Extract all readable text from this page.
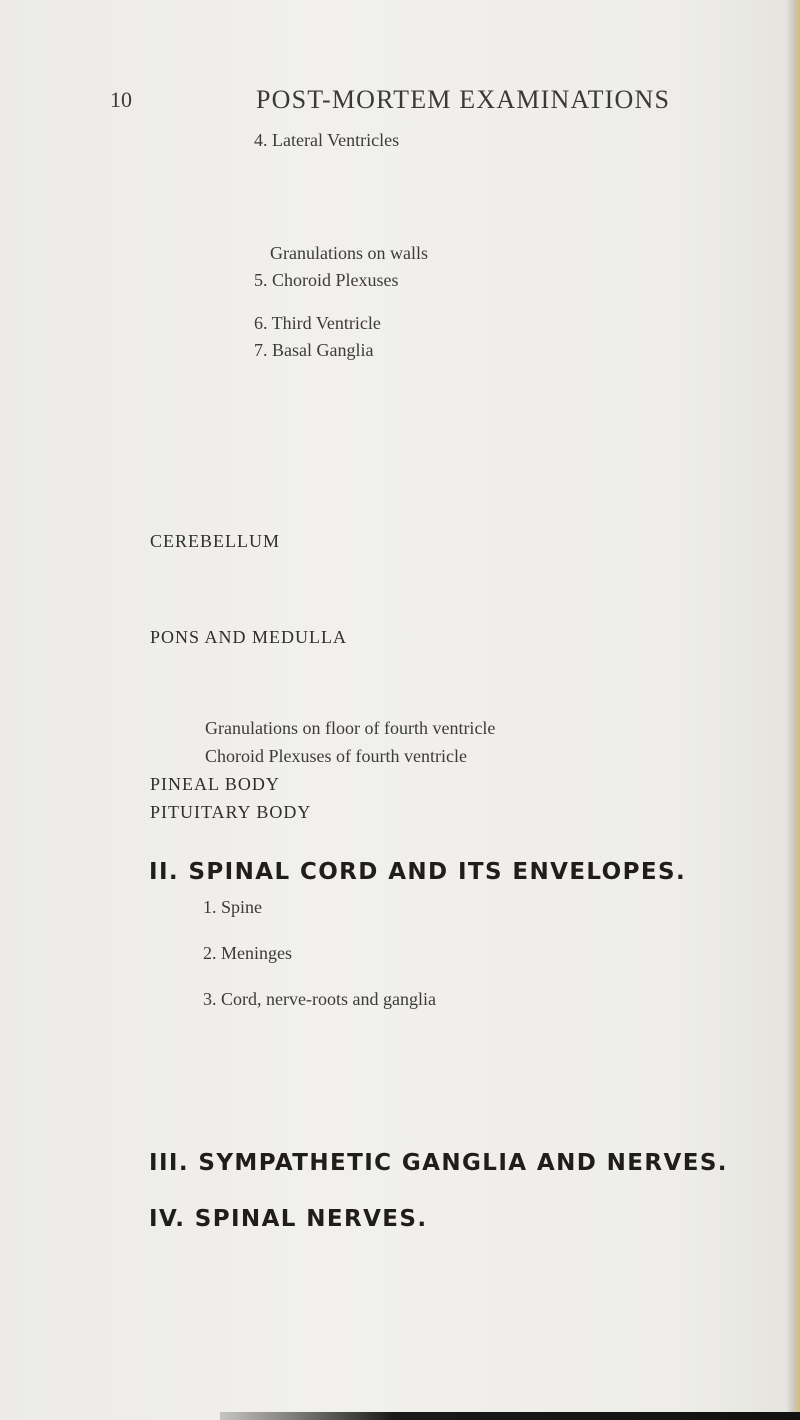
10	POST-MORTEM EXAMINATIONS
4. Lateral Ventricles
Granulations on walls
5. Choroid Plexuses
6. Third Ventricle
7. Basal Ganglia
CEREBELLUM
PONS AND MEDULLA
Granulations on floor of fourth ventricle
Choroid Plexuses of fourth ventricle
PINEAL BODY
PITUITARY BODY
II. SPINAL CORD AND ITS ENVELOPES.
1. Spine
2. Meninges
3. Cord, nerve-roots and ganglia
III. SYMPATHETIC GANGLIA AND NERVES.
IV. SPINAL NERVES.
